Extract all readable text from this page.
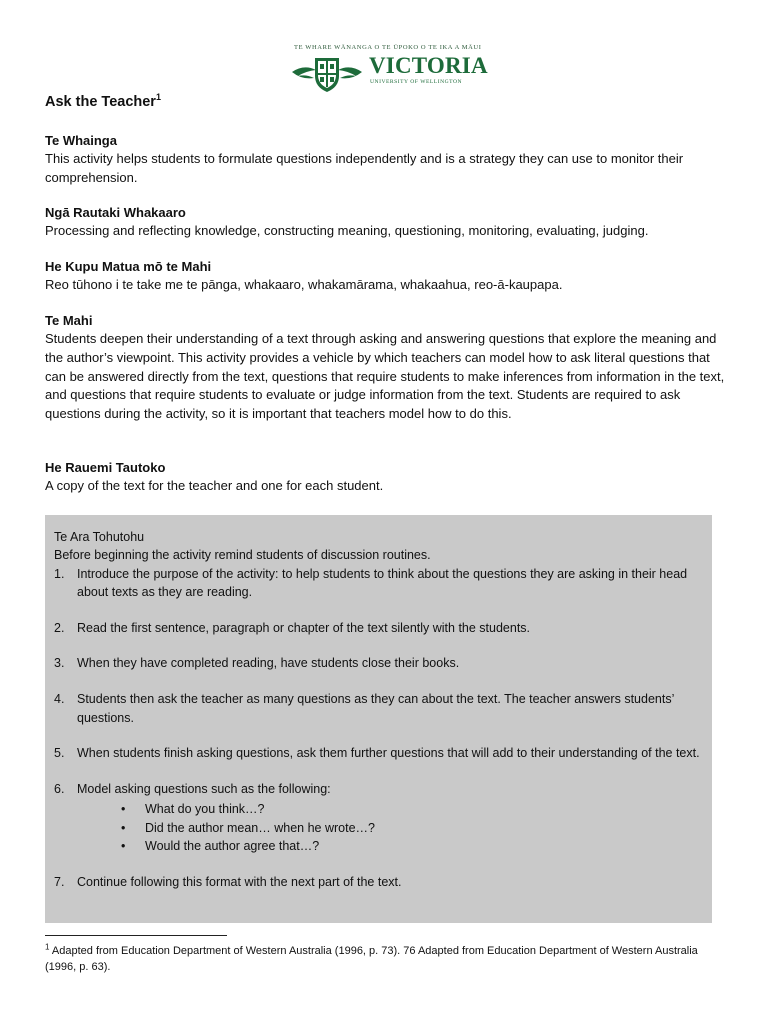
TE WHARE WĀNANGA O TE ŪPOKO O TE IKA A MĀUI
VICTORIA
UNIVERSITY OF WELLINGTON
Ask the Teacher$^1$

Te Whainga

This activity helps students to formulate questions independently and is a strategy they can use to monitor their comprehension.

Ngā Rautaki Whakaaro

Processing and reflecting knowledge, constructing meaning, questioning, monitoring, evaluating, judging.

He Kupu Matua mō te Mahi

Reo tūhono i te take me te pānga, whakaaro, whakamārama, whakaahua, reo-ā-kaupapa.

Te Mahi

Students deepen their understanding of a text through asking and answering questions that explore the meaning and the author’s viewpoint. This activity provides a vehicle by which teachers can model how to ask literal questions that can be answered directly from the text, questions that require students to make inferences from information in the text, and questions that require students to evaluate or judge information from the text. Students are required to ask questions during the activity, so it is important that teachers model how to do this.

He Rauemi Tautoko

A copy of the text for the teacher and one for each student.

Te Ara Tohutohu
Before beginning the activity remind students of discussion routines.
1. Introduce the purpose of the activity: to help students to think about the questions they are asking in their head about texts as they are reading.
2. Read the first sentence, paragraph or chapter of the text silently with the students.
3. When they have completed reading, have students close their books.
4. Students then ask the teacher as many questions as they can about the text. The teacher answers students’ questions.
5. When students finish asking questions, ask them further questions that will add to their understanding of the text.
6. Model asking questions such as the following:
• What do you think…?
• Did the author mean… when he wrote…?
• Would the author agree that…?
7. Continue following this format with the next part of the text.
$^1$ Adapted from Education Department of Western Australia (1996, p. 73). 76 Adapted from Education Department of Western Australia (1996, p. 63).
